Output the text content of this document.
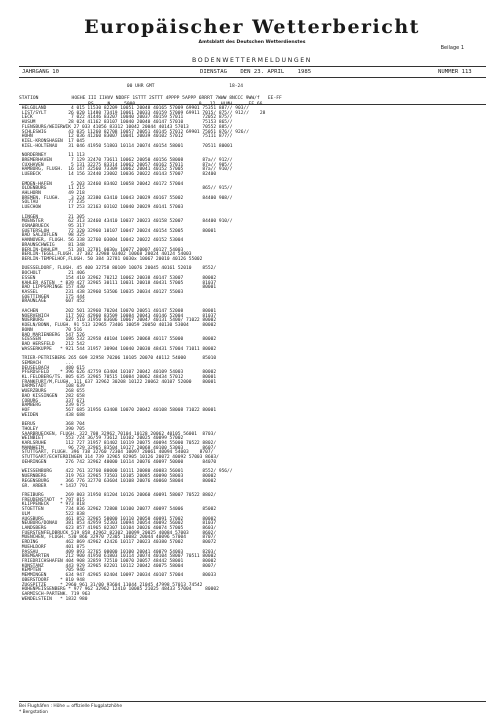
Europäischer Wetterbericht
Amtsblatt des Deutschen Wetterdienstes
Beilage 1
BODENWETTERMELDUNGEN
JAHRGANG 10	DIENSTAG    DEN 23. APRIL    1985	NUMMER 113
00 UHR GMT                           18-24

STATION            HOEHE III IIHVV NDDFF 1STTT 2STTT 4PPPP 5APPP 6RRRT 7WWW 8NCCC 9WW/f   EE-FF
RS     N     5000                       0   12  HLMH      EE 66
HELGOLAND         4 015 11530 82209 10051 20048 40165 57009 69901 75351 887// 903//
LIST/SYLT        26 020 11480 73419 10061 20033 40159 57009 69911 7015/ 875// 912//    28
LECK              7 022 41446 83207 10040 20037 40159 57011       72052 875//
HUSUM            28 024 41162 83107 10040 20040 40147 57010       75153 865//
FLENSBURG/WEIERWIK 27 033 41056 83312 10042 20044 40143 57013     70552 885//
SCHLESWIG        43 035 11260 82708 10057 20051 40145 57012 69901 75051 876// 926//
HOHN             12 036 41260 83007 10041 20039 40102 57012       75111 877//
KIEL-KRONSHAGEN  17 045
KIEL-HOLTENAU    31 046 41950 51803 10114 20074 40154 58001       70511 80001

NORDERNEY        11 113
BREMERHAVEN       7 129 32470 73611 10062 20050 40156 58008       87a// 912//
CUXHAVEN          5 131 32275 83314 10062 20057 40162 57011       87a// 905//
HAMBURG, FLUGH.  16 147 32560 73309 10062 20041 40152 57005       87a// 910//
LUEBECK          14 156 32440 23002 10036 20022 40143 57007       82400

EMDEN-HAFEN       5 203 32460 83402 10058 20042 40172 57004
OLDENBURG        11 215                                           865// 915//
AHLHORN          49 218
BREMEN, FLUGH.    3 224 32380 63410 10043 20029 40167 55002       84400 908//
SOLTAU           77 235
LUECHOW          17 253 32163 03102 10040 20029 40141 57003

LINGEN           21 305
MUENSTER         62 313 32460 43410 10037 20023 40158 52007       84400 910//
OSNABRUECK       95 317
GUETERSLOH       72 320 32960 10107 10047 20024 40154 52005       80001
BAD SALZUFLEN    98 325
HANNOVER, FLUGH. 56 338 32760 03004 10042 20022 40152 53004
BRAUNSCHWEIG     81 348
BERLIN-DAHLEM    51 381 32781 0030x 10077 20007 40127 54003
BERLIN-TEGEL,FLUGH. 37 382 32980 03402 10068 20024 40124 54003
BERLIN-TEMPELHOF,FLUGH. 50 384 32781 0030x 10067 20010 40126 55002

DUESSELDORF, FLUGH. 45 400 32758 80109 10076 20045 40161 52010    8552/
BOCHOLT          21 406
ESSEN           154 410 32962 70212 10062 20038 40147 53007       80002
KAHLER ASTEN  * 839 427 32965 30111 10031 20018 40431 57005       81037
BAD LIPPSPRINGE 157 430                                           80001
KASSEL          231 438 32960 53506 10035 20034 40127 55003
GOETTINGEN      175 444
BRAUNLAGE       607 452

AACHEN          202 501 32960 70204 10070 20051 40147 52008       80001
NOERVENICH      117 502 42960 83509 10084 20043 40146 52004       81037
NUERBURG        627 510 31950 83606 10067 20047 40131 5400/ 71022 80002
KOELN/BONN, FLUGH. 91 513 32965 73406 10059 20050 40130 53004     80002
BONN            70 516
BAD MARIENBERG  547 526
GIESSEN         186 532 32958 40104 10095 20068 40117 55000       80002
BAD HERSFELD    212 542
WASSERKUPPE   * 921 544 31957 30904 10040 20030 48431 57004 71011 80002

TRIER-PETRISBERG 265 609 32958 70206 10105 20070 40112 54000      85010
SEMBACH         ...
DEUSELBACH      480 615
PFERDSFELD    * 396 626 42759 63404 10107 20042 40109 54003       80002
KL.FELDBERG/TS. 805 635 32965 70515 10084 20062 48434 57012       80001
FRANKFURT/M,FLUGH. 111 637 32962 30208 10122 20062 40107 52000    80001
DARMSTADT       108 639
WUERZBURG       268 655
BAD KISSINGEN   282 658
COBURG          337 671
BAMBERG         239 675
HOF             567 685 31956 63408 10070 20042 40108 58008 71022 80001
WEIDEN          438 688

BERUS           368 704
THOLEY          390 705
SAARBRUECKEN, FLUGH. 322 708 32962 70104 10128 20062 40105 56001  8703/
WEINBIET        553 724 36/59 73612 10102 20025 40099 57002
KARLSRUHE       112 727 31957 81402 10119 20075 40094 55000 70522 8802/
MANNHEIM         96 729 32965 83504 10127 20068 40100 53003       8607/
STUTTGART, FLUGH. 396 738 32760 72304 10097 20061 40094 54003    8707/
STUTTGART/ECHTERDINGEN 314 739 32965 82905 10126 20072 40092 57003 8603/
OEHRINGEN       276 742 32962 40000 10114 20076 40097 50000       84070

WEISSENBURG     422 761 32760 80000 10111 20080 40083 56001       8552/ 956//
NUERNBERG       319 763 32965 73503 10105 20085 40090 58003       80002
REGENSBURG      366 776 32770 63604 10108 20076 40060 58004       80002
GR. ARBER     * 1437 791

FREIBURG        269 803 31950 81204 10126 20060 40091 58007 70522 8802/
FREUDENSTADT  * 797 815
KLIPPENECK    * 973 818
STOETTEN        734 836 32962 72808 10100 20077 40097 54006       85002
ULM             522 838
AUGSBURG        461 852 32965 50000 10110 20050 40091 57002       80002
NEUBURG/DONAU   381 853 42959 52303 10094 20054 40092 56002       81037
LANDSBERG       623 857 41965 82307 10104 20026 40074 57005       8603/
FUERSTENFELDBRUCK 519 858 42962 82302 10099 20025 40084 57003     8602/
MUENCHEN, FLUGH. 530 866 32970 72305 10082 20044 40096 57004      8707/
ERDING          462 869 42962 42426 10117 20023 40380 57002       80072
MUEHLDORF       401 875
PASSAU          409 893 32765 00000 10100 20041 40079 54003       8203/
BREMGARTEN      212 900 41950 61803 10114 20074 40104 58007 70511 80002
FRIEDRICHSHAFEN 404 908 32859 72510 10070 20057 48442 58001       80002
KONSTANZ        443 929 32965 82201 10112 20042 40075 58004       8007/
KEMPTEN         705 946
MEMMINGEN       634 947 42965 82404 10097 20034 40107 57004       80033
OBERSTDORF    * 810 948
ZUGSPITZE     * 2960 961 31/00 93604 11044 21045 47998 57013 74542
HOHENPEISSENBERG * 977 962 32962 12410 10085 21025 48433 57004     80002
GARMISCH-PARTENK. 719 963
WENDELSTEIN   * 1832 980
Bei Flughäfen : Höhe = offizielle Flugplatzhöhe
* Bergstation
